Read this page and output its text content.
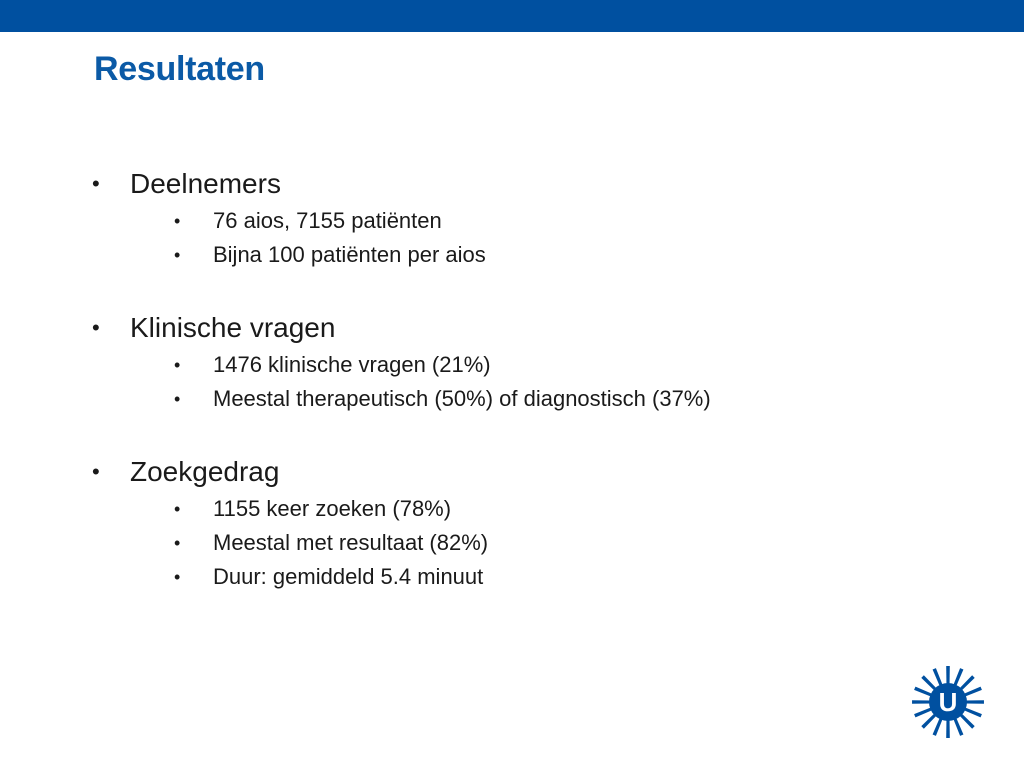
Resultaten
• Deelnemers
• 76 aios, 7155 patiënten
• Bijna 100 patiënten per aios
• Klinische vragen
• 1476 klinische vragen (21%)
• Meestal therapeutisch (50%) of diagnostisch (37%)
• Zoekgedrag
• 1155 keer zoeken (78%)
• Meestal met resultaat (82%)
• Duur: gemiddeld 5.4 minuut
U
